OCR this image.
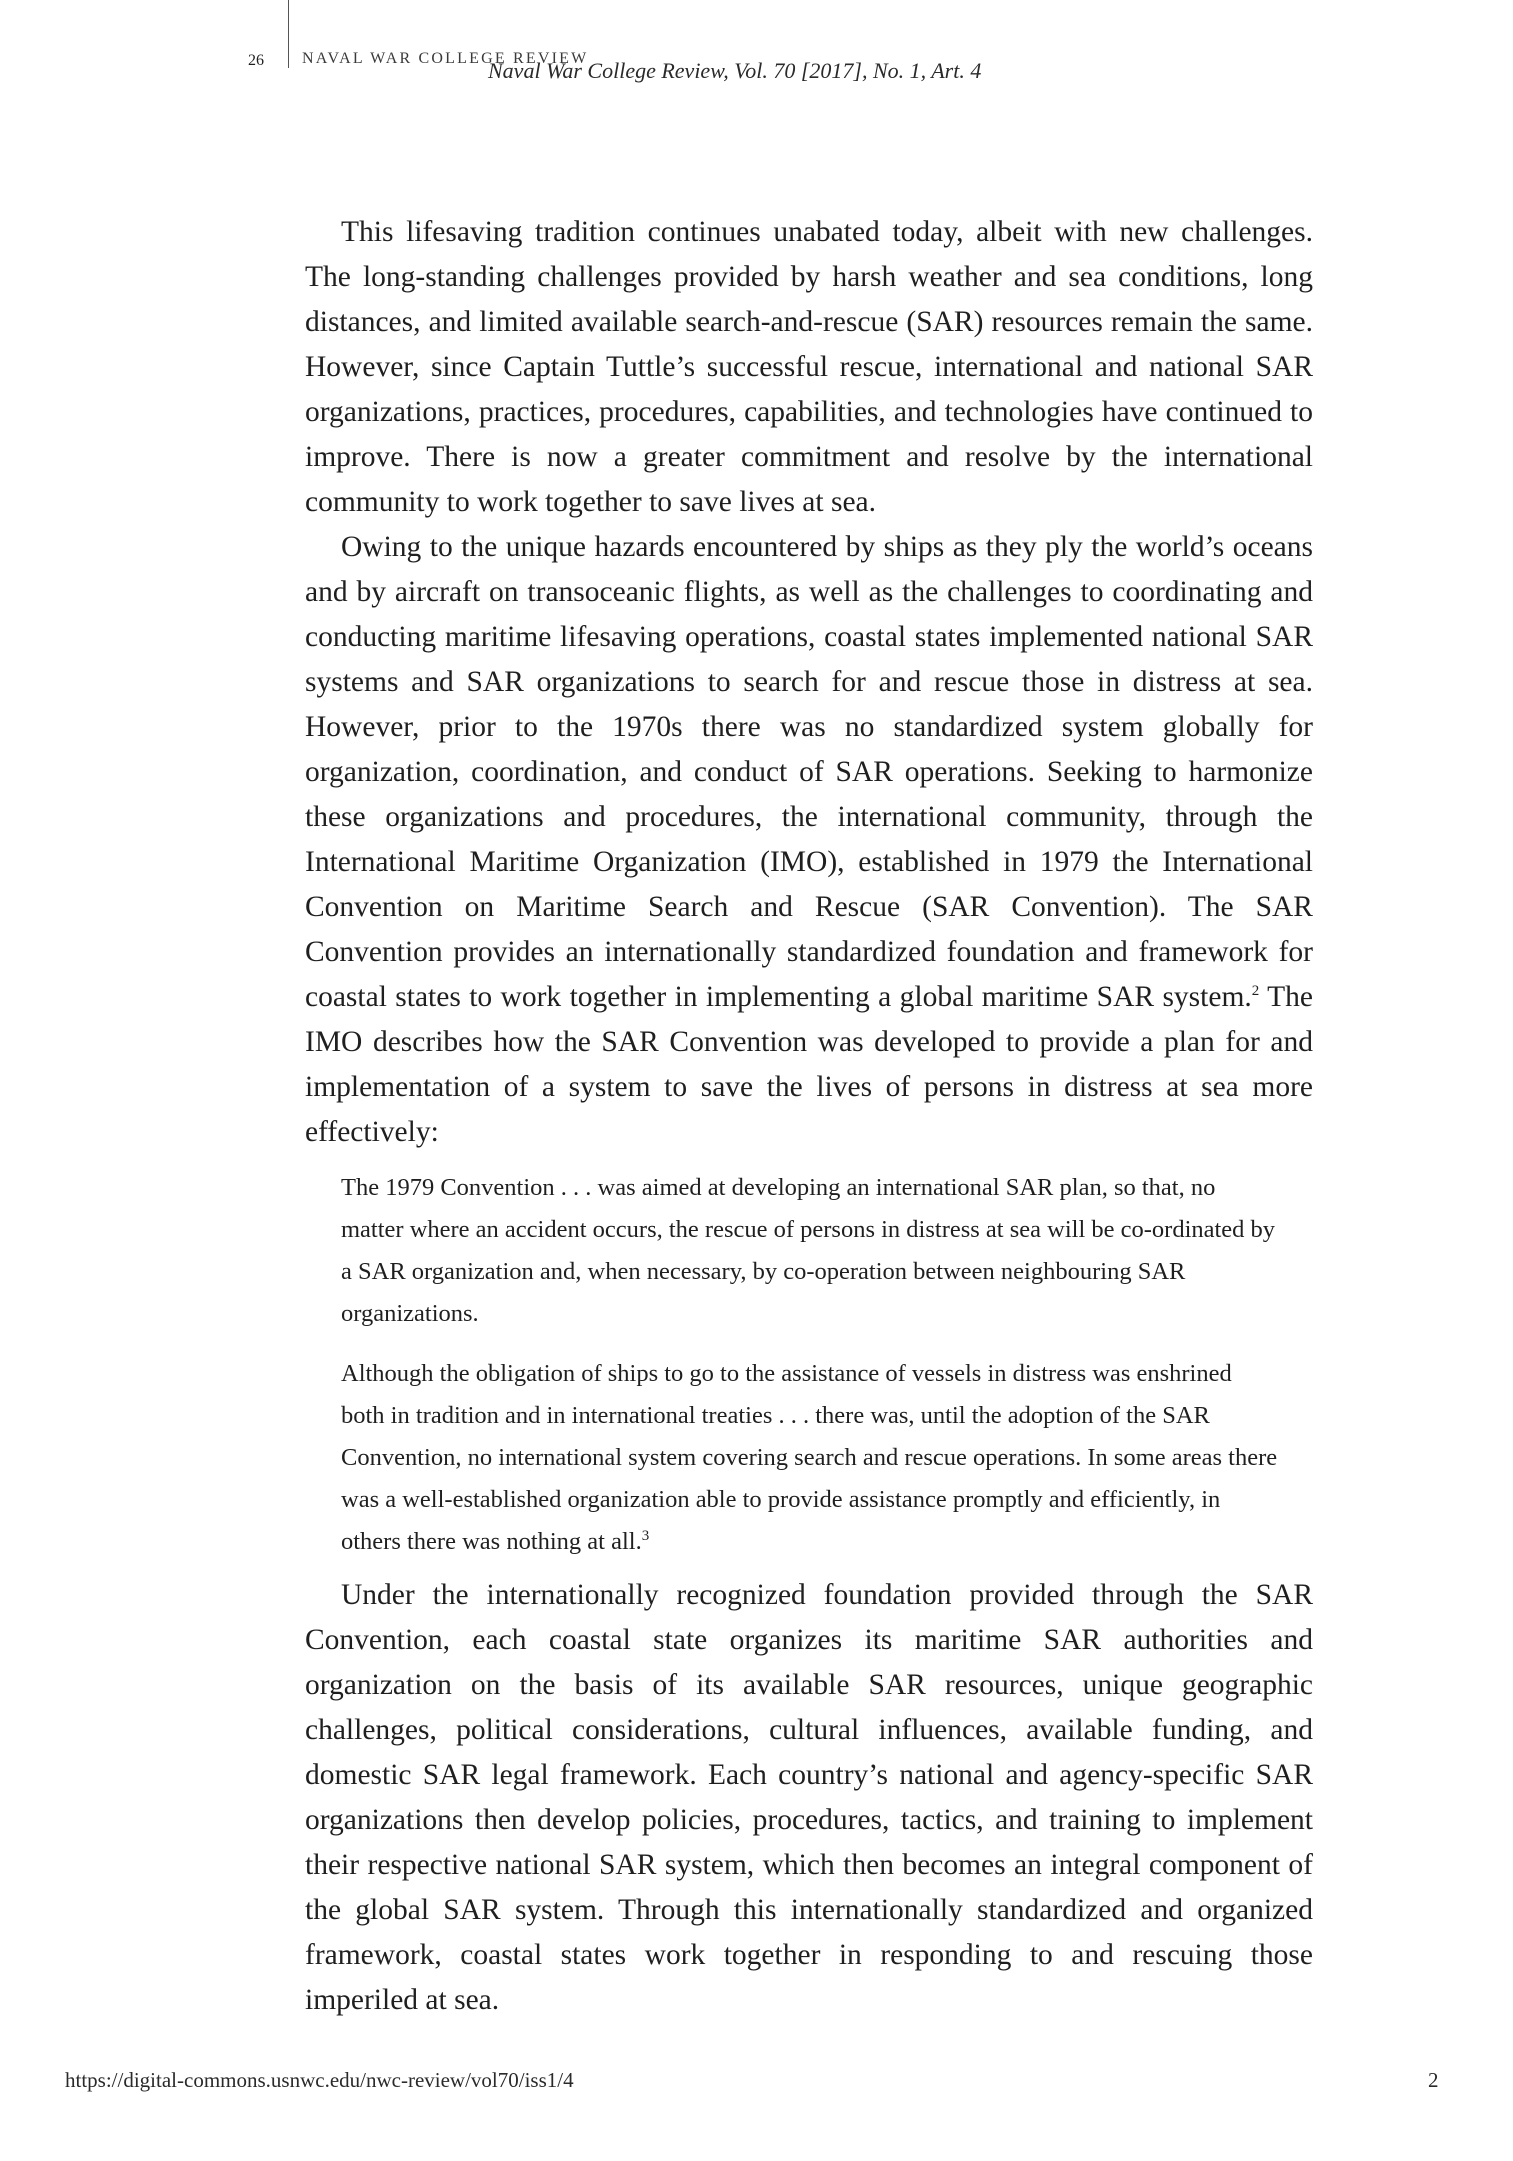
26 NAVAL WAR COLLEGE REVIEW
Naval War College Review, Vol. 70 [2017], No. 1, Art. 4

This lifesaving tradition continues unabated today, albeit with new challenges. The long-standing challenges provided by harsh weather and sea conditions, long distances, and limited available search-and-rescue (SAR) resources remain the same. However, since Captain Tuttle’s successful rescue, international and national SAR organizations, practices, procedures, capabilities, and technologies have continued to improve. There is now a greater commitment and resolve by the international community to work together to save lives at sea.

Owing to the unique hazards encountered by ships as they ply the world’s oceans and by aircraft on transoceanic flights, as well as the challenges to coordinating and conducting maritime lifesaving operations, coastal states implemented national SAR systems and SAR organizations to search for and rescue those in distress at sea. However, prior to the 1970s there was no standardized system globally for organization, coordination, and conduct of SAR operations. Seeking to harmonize these organizations and procedures, the international community, through the International Maritime Organization (IMO), established in 1979 the International Convention on Maritime Search and Rescue (SAR Convention). The SAR Convention provides an internationally standardized foundation and framework for coastal states to work together in implementing a global maritime SAR system.$^2$ The IMO describes how the SAR Convention was developed to provide a plan for and implementation of a system to save the lives of persons in distress at sea more effectively:

The 1979 Convention . . . was aimed at developing an international SAR plan, so that, no matter where an accident occurs, the rescue of persons in distress at sea will be co-ordinated by a SAR organization and, when necessary, by co-operation between neighbouring SAR organizations.

Although the obligation of ships to go to the assistance of vessels in distress was enshrined both in tradition and in international treaties . . . there was, until the adoption of the SAR Convention, no international system covering search and rescue operations. In some areas there was a well-established organization able to provide assistance promptly and efficiently, in others there was nothing at all.$^3$

Under the internationally recognized foundation provided through the SAR Convention, each coastal state organizes its maritime SAR authorities and organization on the basis of its available SAR resources, unique geographic challenges, political considerations, cultural influences, available funding, and domestic SAR legal framework. Each country’s national and agency-specific SAR organizations then develop policies, procedures, tactics, and training to implement their respective national SAR system, which then becomes an integral component of the global SAR system. Through this internationally standardized and organized framework, coastal states work together in responding to and rescuing those imperiled at sea.

https://digital-commons.usnwc.edu/nwc-review/vol70/iss1/4	2
